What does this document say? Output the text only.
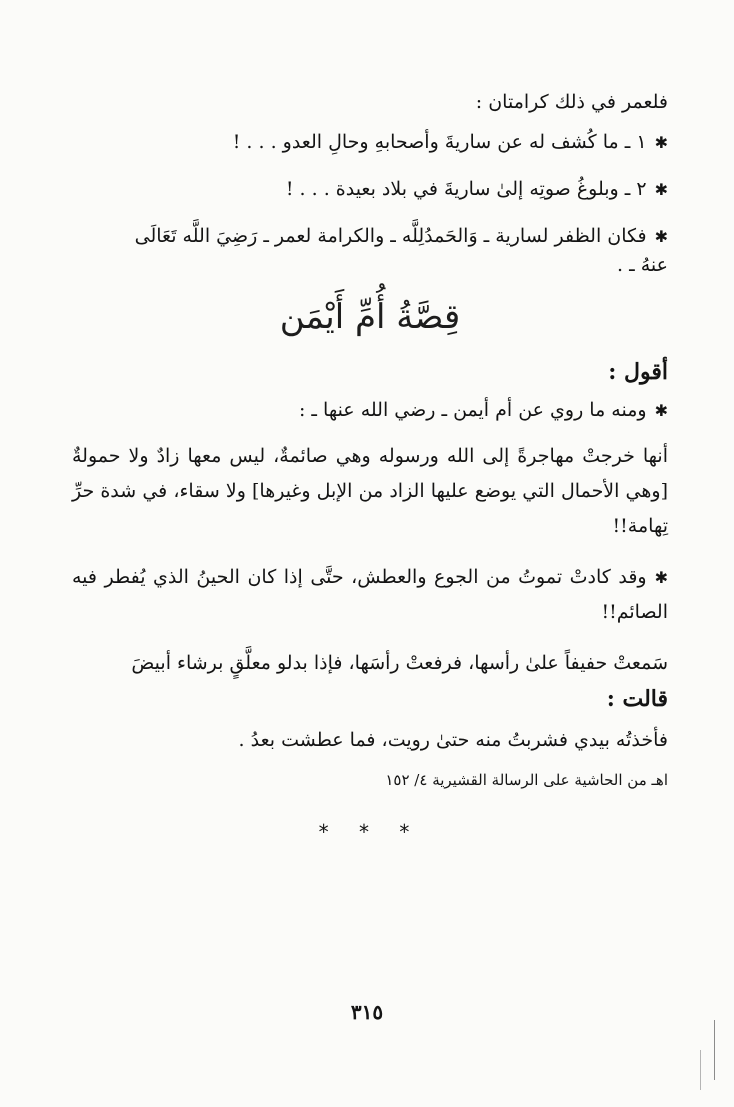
فلعمر في ذلك كرامتان :

✱١ ـ ما كُشف له عن ساريةَ وأصحابهِ وحالِ العدو . . . !

✱٢ ـ وبلوغُ صوتِه إلىٰ ساريةَ في بلاد بعيدة . . . !

✱فكان الظفر لسارية ـ وَالحَمدُلِلَّه ـ والكرامة لعمر ـ رَضِيَ اللَّه تَعَالَى

عنهُ ـ .

قِصَّةُ أُمِّ أَيْمَن

أقول :

✱ومنه ما روي عن أم أيمن ـ رضي الله عنها ـ :

أنها خرجتْ مهاجرةً إلى الله ورسوله وهي صائمةٌ، ليس معها زادٌ ولا حمولةٌ [وهي الأحمال التي يوضع عليها الزاد من الإبل وغيرها] ولا سقاء، في شدة حرِّ تِهامة!!

✱وقد كادتْ تموتُ من الجوع والعطش، حتَّى إذا كان الحينُ الذي يُفطر فيه الصائم!!

سَمعتْ حفيفاً علىٰ رأسها، فرفعتْ رأسَها، فإذا بدلو معلَّقٍ برشاء أبيضَ

قالت :

فأخذتُه بيدي فشربتُ منه حتىٰ رويت، فما عطشت بعدُ .

اهـ من الحاشية على الرسالة القشيرية ٤/ ١٥٢

* * *
٣١٥
